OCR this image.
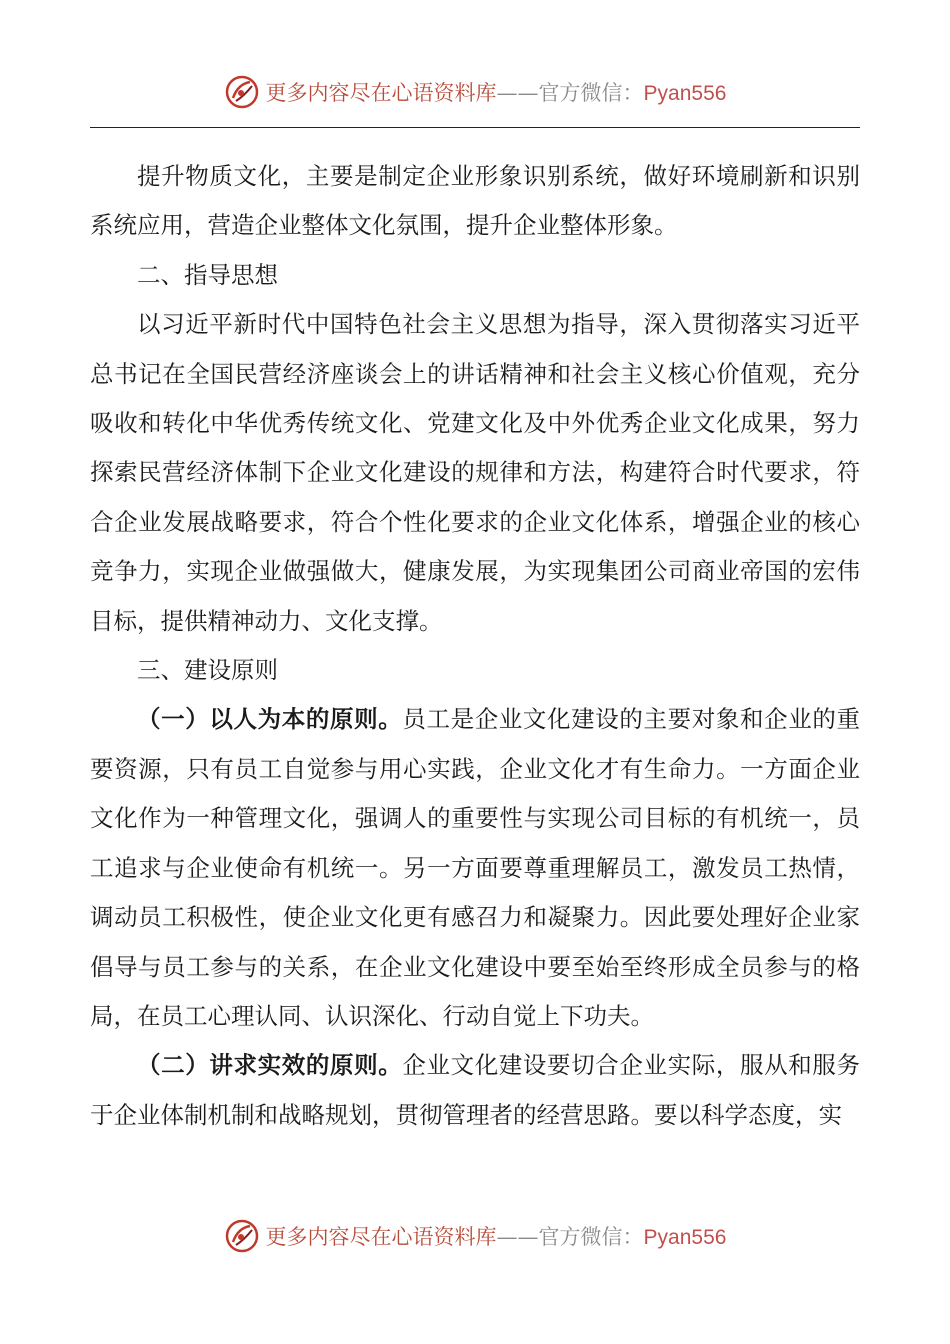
更多内容尽在心语资料库——官方微信：Pyan556

提升物质文化，主要是制定企业形象识别系统，做好环境刷新和识别系统应用，营造企业整体文化氛围，提升企业整体形象。

二、指导思想

以习近平新时代中国特色社会主义思想为指导，深入贯彻落实习近平总书记在全国民营经济座谈会上的讲话精神和社会主义核心价值观，充分吸收和转化中华优秀传统文化、党建文化及中外优秀企业文化成果，努力探索民营经济体制下企业文化建设的规律和方法，构建符合时代要求，符合企业发展战略要求，符合个性化要求的企业文化体系，增强企业的核心竞争力，实现企业做强做大，健康发展，为实现集团公司商业帝国的宏伟目标，提供精神动力、文化支撑。

三、建设原则

（一）以人为本的原则。员工是企业文化建设的主要对象和企业的重要资源，只有员工自觉参与用心实践，企业文化才有生命力。一方面企业文化作为一种管理文化，强调人的重要性与实现公司目标的有机统一，员工追求与企业使命有机统一。另一方面要尊重理解员工，激发员工热情，调动员工积极性，使企业文化更有感召力和凝聚力。因此要处理好企业家倡导与员工参与的关系，在企业文化建设中要至始至终形成全员参与的格局，在员工心理认同、认识深化、行动自觉上下功夫。

（二）讲求实效的原则。企业文化建设要切合企业实际，服从和服务于企业体制机制和战略规划，贯彻管理者的经营思路。要以科学态度，实

更多内容尽在心语资料库——官方微信：Pyan556
